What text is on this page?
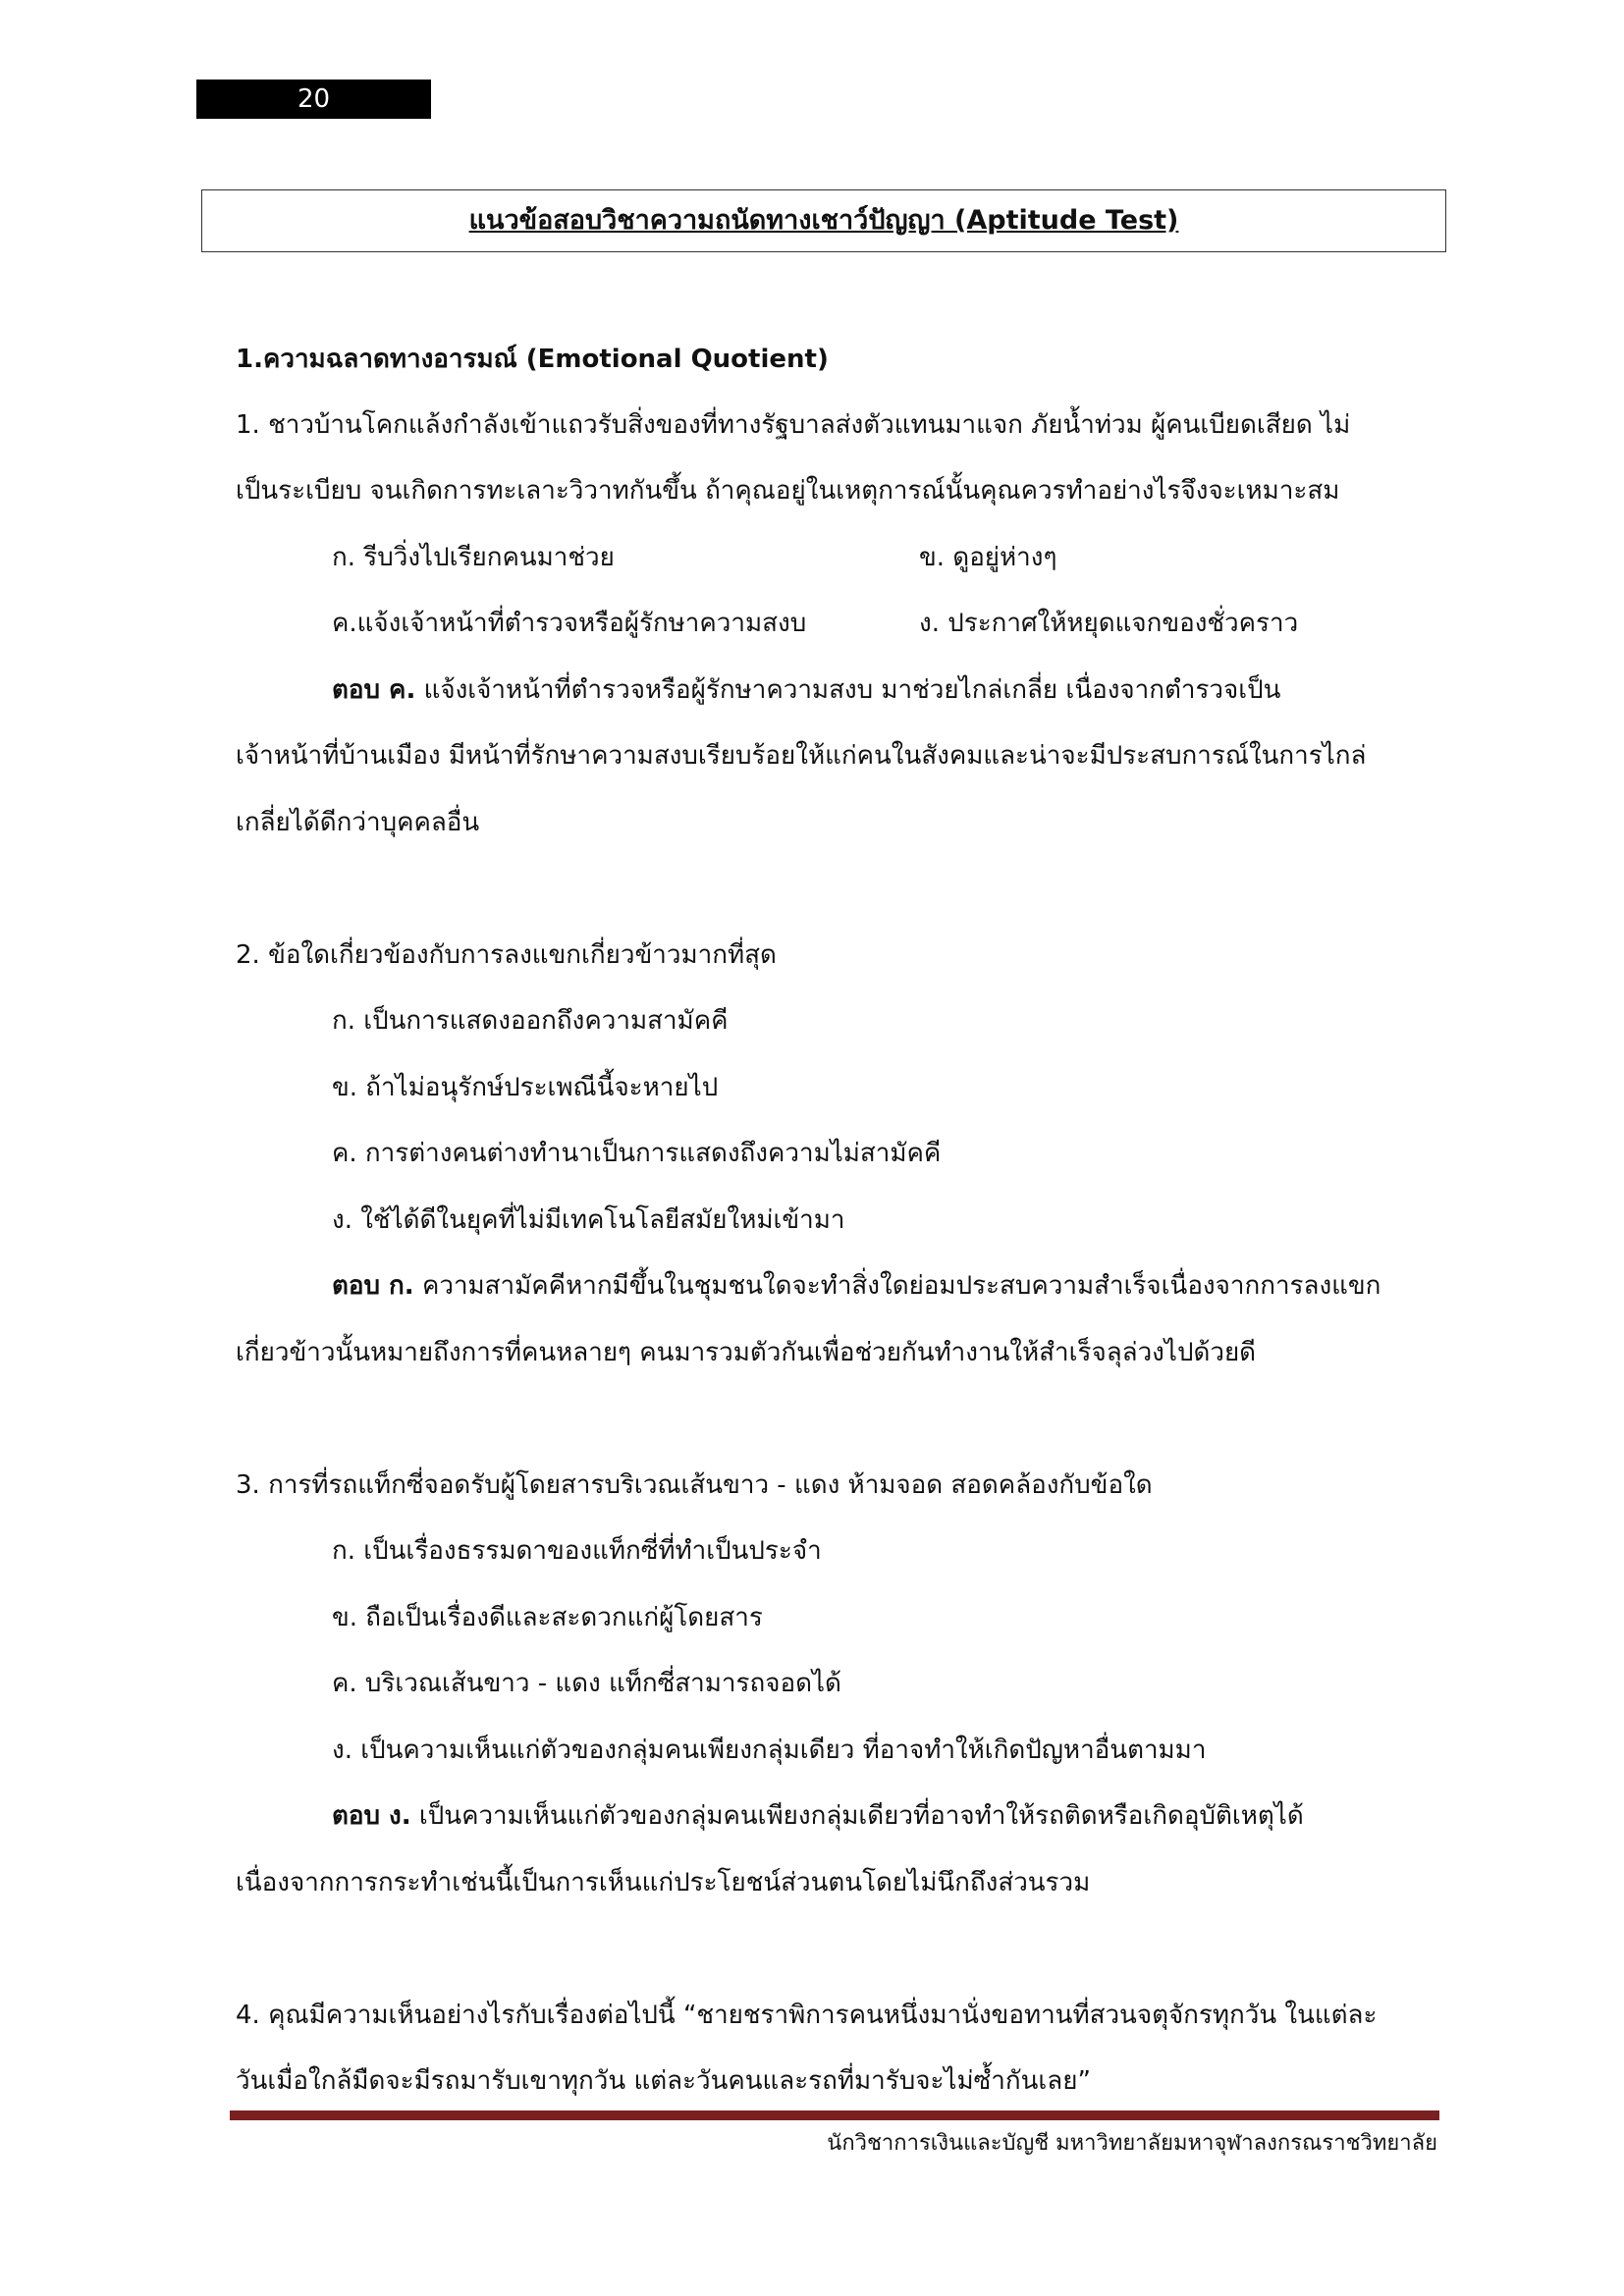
20
แนวข้อสอบวิชาความถนัดทางเชาว์ปัญญา (Aptitude Test)
1.ความฉลาดทางอารมณ์ (Emotional Quotient)
1. ชาวบ้านโคกแล้งกำลังเข้าแถวรับสิ่งของที่ทางรัฐบาลส่งตัวแทนมาแจก ภัยน้ำท่วม ผู้คนเบียดเสียด ไม่
เป็นระเบียบ จนเกิดการทะเลาะวิวาทกันขึ้น ถ้าคุณอยู่ในเหตุการณ์นั้นคุณควรทำอย่างไรจึงจะเหมาะสม
ก. รีบวิ่งไปเรียกคนมาช่วย	ข. ดูอยู่ห่างๆ
ค.แจ้งเจ้าหน้าที่ตำรวจหรือผู้รักษาความสงบ	ง. ประกาศให้หยุดแจกของชั่วคราว
ตอบ ค. แจ้งเจ้าหน้าที่ตำรวจหรือผู้รักษาความสงบ มาช่วยไกล่เกลี่ย เนื่องจากตำรวจเป็น
เจ้าหน้าที่บ้านเมือง มีหน้าที่รักษาความสงบเรียบร้อยให้แก่คนในสังคมและน่าจะมีประสบการณ์ในการไกล่
เกลี่ยได้ดีกว่าบุคคลอื่น
2. ข้อใดเกี่ยวข้องกับการลงแขกเกี่ยวข้าวมากที่สุด
ก. เป็นการแสดงออกถึงความสามัคคี
ข. ถ้าไม่อนุรักษ์ประเพณีนี้จะหายไป
ค. การต่างคนต่างทำนาเป็นการแสดงถึงความไม่สามัคคี
ง. ใช้ได้ดีในยุคที่ไม่มีเทคโนโลยีสมัยใหม่เข้ามา
ตอบ ก. ความสามัคคีหากมีขึ้นในชุมชนใดจะทำสิ่งใดย่อมประสบความสำเร็จเนื่องจากการลงแขก
เกี่ยวข้าวนั้นหมายถึงการที่คนหลายๆ คนมารวมตัวกันเพื่อช่วยกันทำงานให้สำเร็จลุล่วงไปด้วยดี
3. การที่รถแท็กซี่จอดรับผู้โดยสารบริเวณเส้นขาว - แดง ห้ามจอด สอดคล้องกับข้อใด
ก. เป็นเรื่องธรรมดาของแท็กซี่ที่ทำเป็นประจำ
ข. ถือเป็นเรื่องดีและสะดวกแก่ผู้โดยสาร
ค. บริเวณเส้นขาว - แดง แท็กซี่สามารถจอดได้
ง. เป็นความเห็นแก่ตัวของกลุ่มคนเพียงกลุ่มเดียว ที่อาจทำให้เกิดปัญหาอื่นตามมา
ตอบ ง. เป็นความเห็นแก่ตัวของกลุ่มคนเพียงกลุ่มเดียวที่อาจทำให้รถติดหรือเกิดอุบัติเหตุได้
เนื่องจากการกระทำเช่นนี้เป็นการเห็นแก่ประโยชน์ส่วนตนโดยไม่นึกถึงส่วนรวม
4. คุณมีความเห็นอย่างไรกับเรื่องต่อไปนี้ “ชายชราพิการคนหนึ่งมานั่งขอทานที่สวนจตุจักรทุกวัน ในแต่ละ
วันเมื่อใกล้มืดจะมีรถมารับเขาทุกวัน แต่ละวันคนและรถที่มารับจะไม่ซ้ำกันเลย”
นักวิชาการเงินและบัญชี มหาวิทยาลัยมหาจุฬาลงกรณราชวิทยาลัย
